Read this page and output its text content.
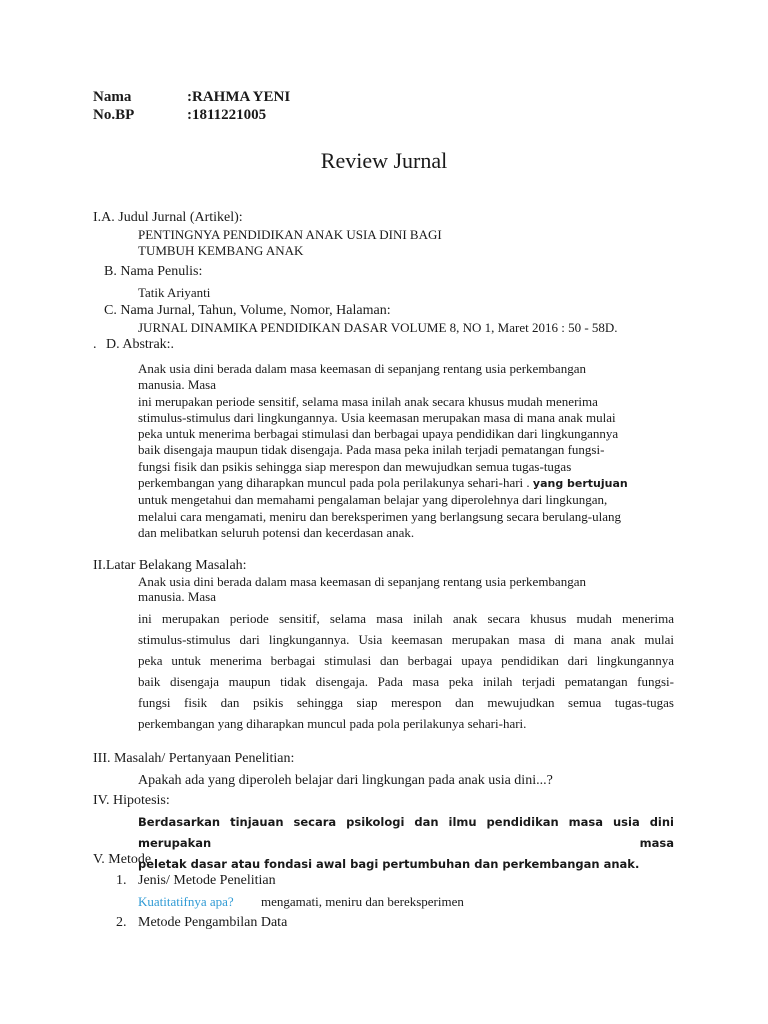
Nama	:RAHMA YENI
No.BP	:1811221005
Review Jurnal
I.A. Judul Jurnal (Artikel):
PENTINGNYA PENDIDIKAN ANAK USIA DINI BAGI
TUMBUH KEMBANG ANAK
B. Nama Penulis:
Tatik Ariyanti
C. Nama Jurnal, Tahun, Volume, Nomor, Halaman:
JURNAL DINAMIKA PENDIDIKAN DASAR VOLUME 8, NO 1, Maret 2016 : 50 - 58D.
. D. Abstrak:.
Anak usia dini berada dalam masa keemasan di sepanjang rentang usia perkembangan
manusia. Masa
ini merupakan periode sensitif, selama masa inilah anak secara khusus mudah menerima
stimulus-stimulus dari lingkungannya. Usia keemasan merupakan masa di mana anak mulai
peka untuk menerima berbagai stimulasi dan berbagai upaya pendidikan dari lingkungannya
baik disengaja maupun tidak disengaja. Pada masa peka inilah terjadi pematangan fungsi-
fungsi fisik dan psikis sehingga siap merespon dan mewujudkan semua tugas-tugas
perkembangan yang diharapkan muncul pada pola perilakunya sehari-hari . yang bertujuan
untuk mengetahui dan memahami pengalaman belajar yang diperolehnya dari lingkungan,
melalui cara mengamati, meniru dan bereksperimen yang berlangsung secara berulang-ulang
dan melibatkan seluruh potensi dan kecerdasan anak.
II.Latar Belakang Masalah:
Anak usia dini berada dalam masa keemasan di sepanjang rentang usia perkembangan
manusia. Masa
ini merupakan periode sensitif, selama masa inilah anak secara khusus mudah menerima
stimulus-stimulus dari lingkungannya. Usia keemasan merupakan masa di mana anak mulai
peka untuk menerima berbagai stimulasi dan berbagai upaya pendidikan dari lingkungannya
baik disengaja maupun tidak disengaja. Pada masa peka inilah terjadi pematangan fungsi-
fungsi fisik dan psikis sehingga siap merespon dan mewujudkan semua tugas-tugas
perkembangan yang diharapkan muncul pada pola perilakunya sehari-hari.
III. Masalah/ Pertanyaan Penelitian:
Apakah ada yang diperoleh belajar dari lingkungan pada anak usia dini...?
IV. Hipotesis:
Berdasarkan tinjauan secara psikologi dan ilmu pendidikan masa usia dini merupakan masa
peletak dasar atau fondasi awal bagi pertumbuhan dan perkembangan anak.
V. Metode
1. Jenis/ Metode Penelitian
Kuatitatifnya apa? mengamati, meniru dan bereksperimen
2. Metode Pengambilan Data
